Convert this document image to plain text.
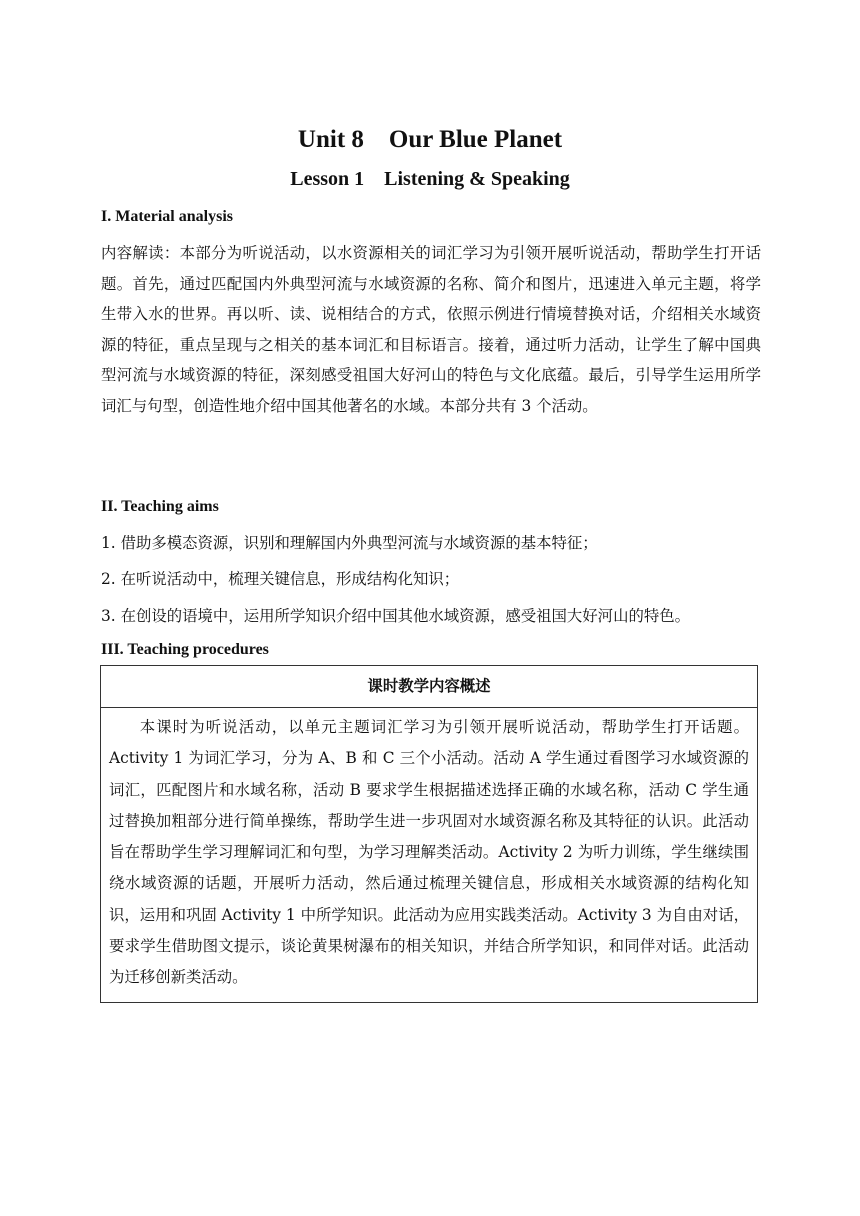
Unit 8    Our Blue Planet
Lesson 1    Listening & Speaking
I. Material analysis

内容解读：本部分为听说活动，以水资源相关的词汇学习为引领开展听说活动，帮助学生打开话题。首先，通过匹配国内外典型河流与水域资源的名称、简介和图片，迅速进入单元主题，将学生带入水的世界。再以听、读、说相结合的方式，依照示例进行情境替换对话，介绍相关水域资源的特征，重点呈现与之相关的基本词汇和目标语言。接着，通过听力活动，让学生了解中国典型河流与水域资源的特征，深刻感受祖国大好河山的特色与文化底蕴。最后，引导学生运用所学词汇与句型，创造性地介绍中国其他著名的水域。本部分共有 3 个活动。

II. Teaching aims

1. 借助多模态资源，识别和理解国内外典型河流与水域资源的基本特征；

2. 在听说活动中，梳理关键信息，形成结构化知识；

3. 在创设的语境中，运用所学知识介绍中国其他水域资源，感受祖国大好河山的特色。

III. Teaching procedures
课时教学内容概述

本课时为听说活动，以单元主题词汇学习为引领开展听说活动，帮助学生打开话题。Activity 1 为词汇学习，分为 A、B 和 C 三个小活动。活动 A 学生通过看图学习水域资源的词汇，匹配图片和水域名称，活动 B 要求学生根据描述选择正确的水域名称，活动 C 学生通过替换加粗部分进行简单操练，帮助学生进一步巩固对水域资源名称及其特征的认识。此活动旨在帮助学生学习理解词汇和句型，为学习理解类活动。Activity 2 为听力训练，学生继续围绕水域资源的话题，开展听力活动，然后通过梳理关键信息，形成相关水域资源的结构化知识，运用和巩固 Activity 1 中所学知识。此活动为应用实践类活动。Activity 3 为自由对话，要求学生借助图文提示，谈论黄果树瀑布的相关知识，并结合所学知识，和同伴对话。此活动为迁移创新类活动。
